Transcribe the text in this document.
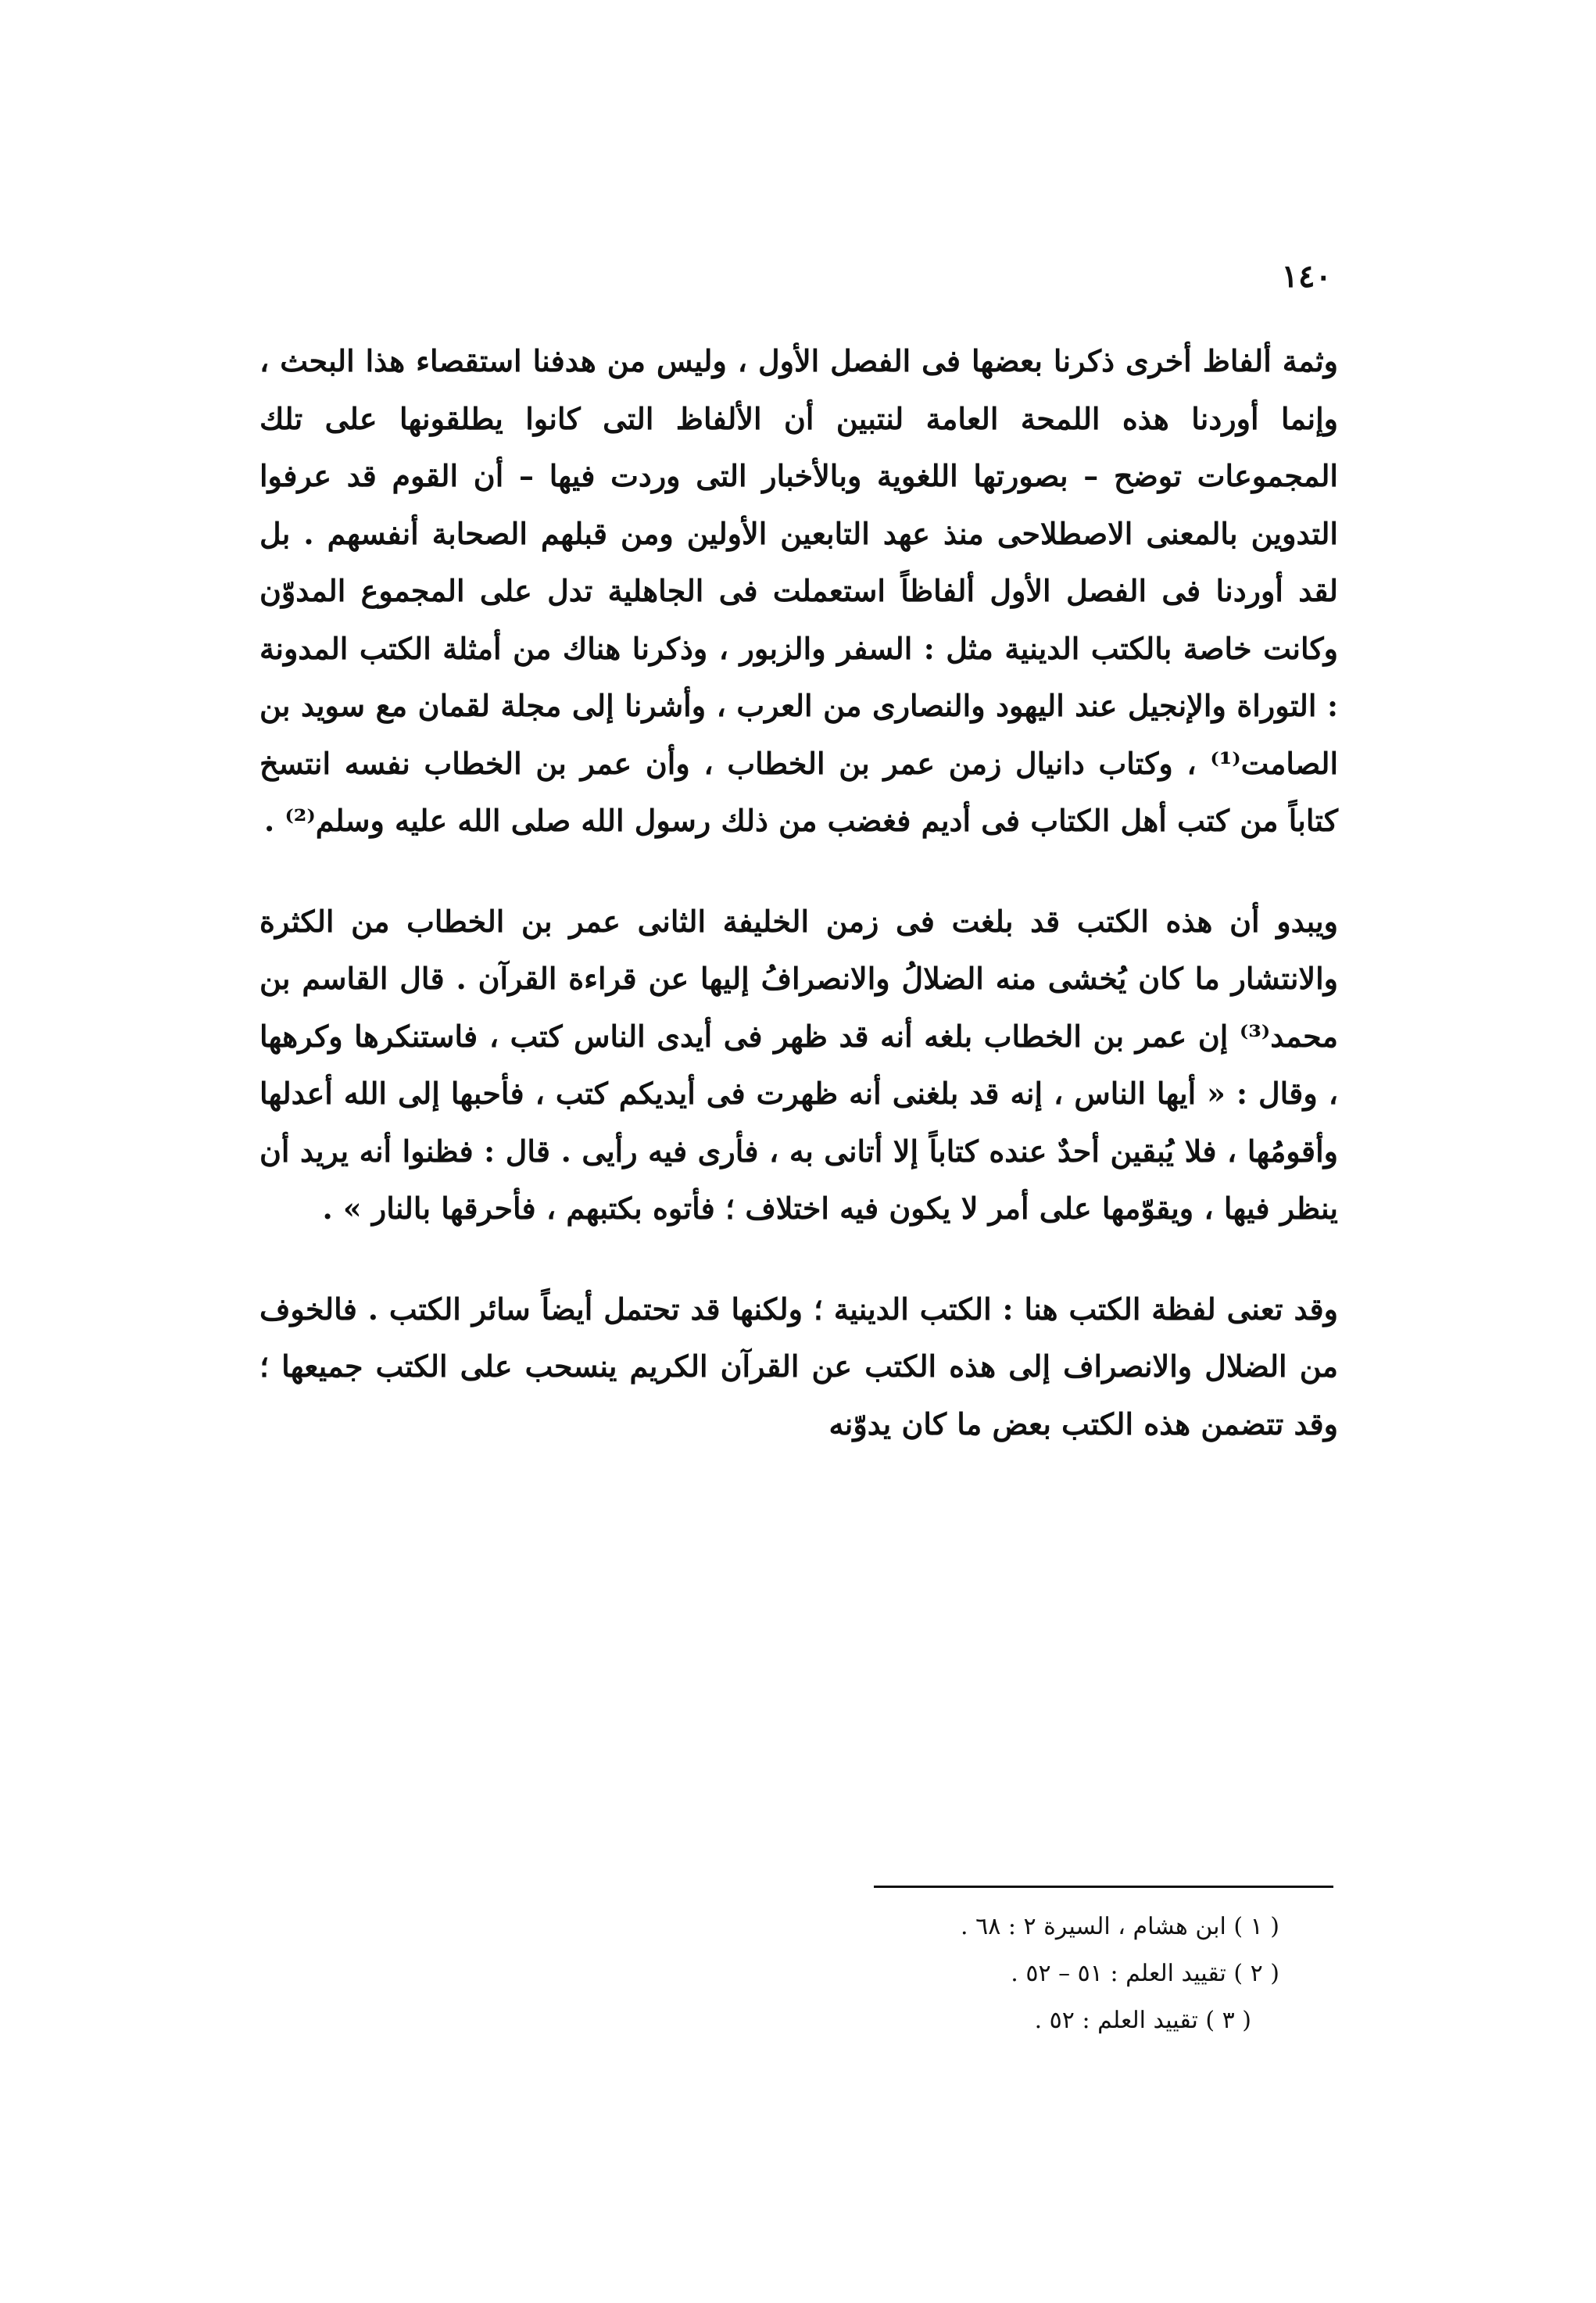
١٤٠

وثمة ألفاظ أخرى ذكرنا بعضها فى الفصل الأول ، وليس من هدفنا استقصاء هذا البحث ، وإنما أوردنا هذه اللمحة العامة لنتبين أن الألفاظ التى كانوا يطلقونها على تلك المجموعات توضح – بصورتها اللغوية وبالأخبار التى وردت فيها – أن القوم قد عرفوا التدوين بالمعنى الاصطلاحى منذ عهد التابعين الأولين ومن قبلهم الصحابة أنفسهم . بل لقد أوردنا فى الفصل الأول ألفاظاً استعملت فى الجاهلية تدل على المجموع المدوّن وكانت خاصة بالكتب الدينية مثل : السفر والزبور ، وذكرنا هناك من أمثلة الكتب المدونة : التوراة والإنجيل عند اليهود والنصارى من العرب ، وأشرنا إلى مجلة لقمان مع سويد بن الصامت⁽¹⁾ ، وكتاب دانيال زمن عمر بن الخطاب ، وأن عمر بن الخطاب نفسه انتسخ كتاباً من كتب أهل الكتاب فى أديم فغضب من ذلك رسول الله صلى الله عليه وسلم⁽²⁾ .

ويبدو أن هذه الكتب قد بلغت فى زمن الخليفة الثانى عمر بن الخطاب من الكثرة والانتشار ما كان يُخشى منه الضلالُ والانصرافُ إليها عن قراءة القرآن . قال القاسم بن محمد⁽³⁾ إن عمر بن الخطاب بلغه أنه قد ظهر فى أيدى الناس كتب ، فاستنكرها وكرهها ، وقال : « أيها الناس ، إنه قد بلغنى أنه ظهرت فى أيديكم كتب ، فأحبها إلى الله أعدلها وأقومُها ، فلا يُبقين أحدٌ عنده كتاباً إلا أتانى به ، فأرى فيه رأيى . قال : فظنوا أنه يريد أن ينظر فيها ، ويقوّمها على أمر لا يكون فيه اختلاف ؛ فأتوه بكتبهم ، فأحرقها بالنار » .

وقد تعنى لفظة الكتب هنا : الكتب الدينية ؛ ولكنها قد تحتمل أيضاً سائر الكتب . فالخوف من الضلال والانصراف إلى هذه الكتب عن القرآن الكريم ينسحب على الكتب جميعها ؛ وقد تتضمن هذه الكتب بعض ما كان يدوّنه

( ١ ) ابن هشام ، السيرة ٢ : ٦٨ .
( ٢ ) تقييد العلم : ٥١ – ٥٢ .
( ٣ ) تقييد العلم : ٥٢ .
